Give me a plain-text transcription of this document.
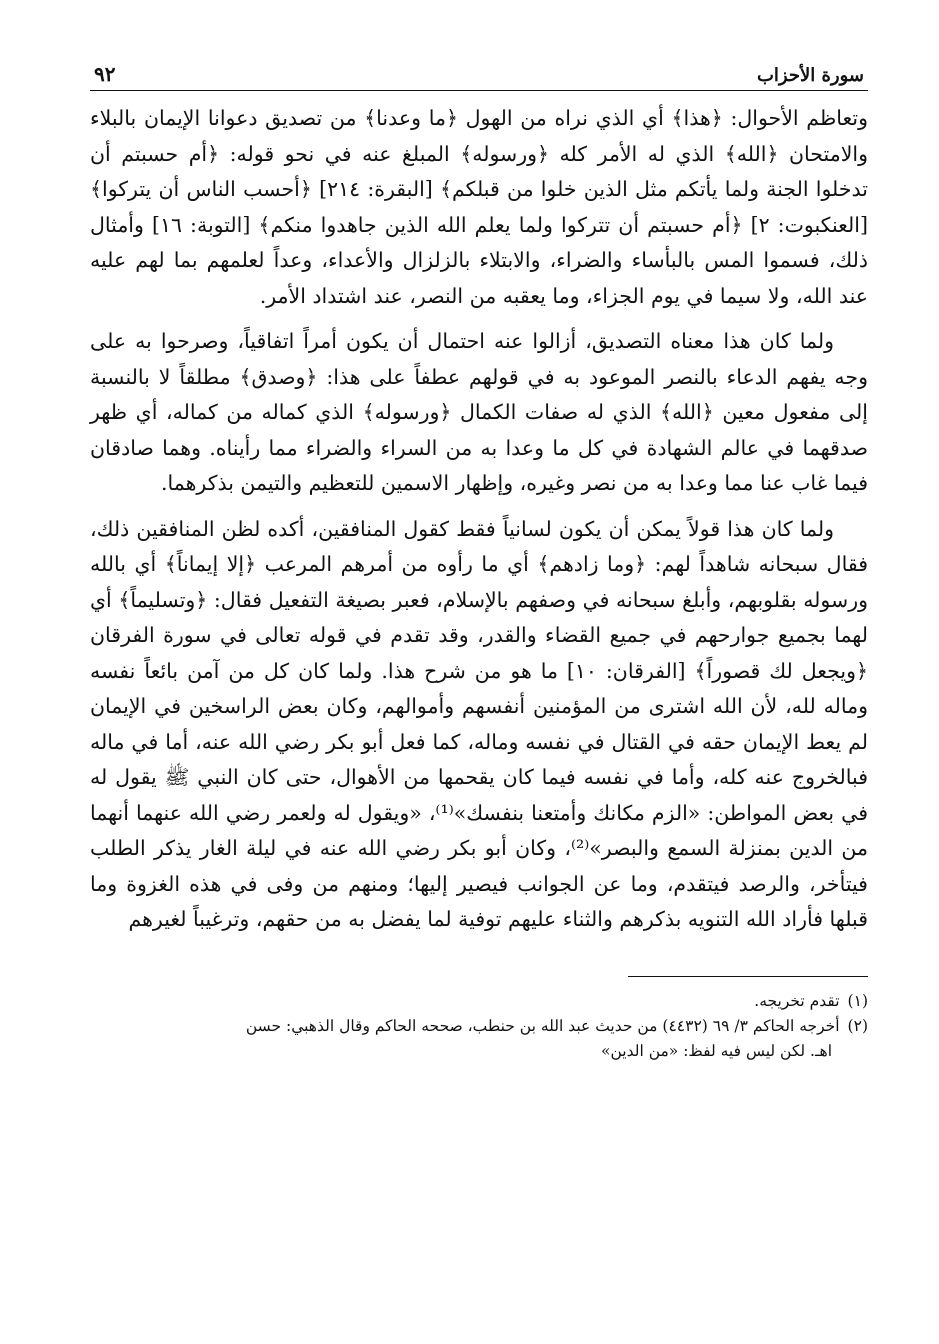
سورة الأحزاب
٩٢

وتعاظم الأحوال: ﴿هذا﴾ أي الذي نراه من الهول ﴿ما وعدنا﴾ من تصديق دعوانا الإيمان بالبلاء والامتحان ﴿الله﴾ الذي له الأمر كله ﴿ورسوله﴾ المبلغ عنه في نحو قوله: ﴿أم حسبتم أن تدخلوا الجنة ولما يأتكم مثل الذين خلوا من قبلكم﴾ [البقرة: ٢١٤] ﴿أحسب الناس أن يتركوا﴾ [العنكبوت: ٢] ﴿أم حسبتم أن تتركوا ولما يعلم الله الذين جاهدوا منكم﴾ [التوبة: ١٦] وأمثال ذلك، فسموا المس بالبأساء والضراء، والابتلاء بالزلزال والأعداء، وعداً لعلمهم بما لهم عليه عند الله، ولا سيما في يوم الجزاء، وما يعقبه من النصر، عند اشتداد الأمر.

ولما كان هذا معناه التصديق، أزالوا عنه احتمال أن يكون أمراً اتفاقياً، وصرحوا به على وجه يفهم الدعاء بالنصر الموعود به في قولهم عطفاً على هذا: ﴿وصدق﴾ مطلقاً لا بالنسبة إلى مفعول معين ﴿الله﴾ الذي له صفات الكمال ﴿ورسوله﴾ الذي كماله من كماله، أي ظهر صدقهما في عالم الشهادة في كل ما وعدا به من السراء والضراء مما رأيناه. وهما صادقان فيما غاب عنا مما وعدا به من نصر وغيره، وإظهار الاسمين للتعظيم والتيمن بذكرهما.

ولما كان هذا قولاً يمكن أن يكون لسانياً فقط كقول المنافقين، أكده لظن المنافقين ذلك، فقال سبحانه شاهداً لهم: ﴿وما زادهم﴾ أي ما رأوه من أمرهم المرعب ﴿إلا إيماناً﴾ أي بالله ورسوله بقلوبهم، وأبلغ سبحانه في وصفهم بالإسلام، فعبر بصيغة التفعيل فقال: ﴿وتسليماً﴾ أي لهما بجميع جوارحهم في جميع القضاء والقدر، وقد تقدم في قوله تعالى في سورة الفرقان ﴿ويجعل لك قصوراً﴾ [الفرقان: ١٠] ما هو من شرح هذا. ولما كان كل من آمن بائعاً نفسه وماله لله، لأن الله اشترى من المؤمنين أنفسهم وأموالهم، وكان بعض الراسخين في الإيمان لم يعط الإيمان حقه في القتال في نفسه وماله، كما فعل أبو بكر رضي الله عنه، أما في ماله فبالخروج عنه كله، وأما في نفسه فيما كان يقحمها من الأهوال، حتى كان النبي ﷺ يقول له في بعض المواطن: «الزم مكانك وأمتعنا بنفسك»⁽¹⁾، «ويقول له ولعمر رضي الله عنهما أنهما من الدين بمنزلة السمع والبصر»⁽²⁾، وكان أبو بكر رضي الله عنه في ليلة الغار يذكر الطلب فيتأخر، والرصد فيتقدم، وما عن الجوانب فيصير إليها؛ ومنهم من وفى في هذه الغزوة وما قبلها فأراد الله التنويه بذكرهم والثناء عليهم توفية لما يفضل به من حقهم، وترغيباً لغيرهم

(١)تقدم تخريجه.

(٢)أخرجه الحاكم ٣/ ٦٩ (٤٤٣٢) من حديث عبد الله بن حنطب، صححه الحاكم وقال الذهبي: حسن

اهـ. لكن ليس فيه لفظ: «من الدين»
